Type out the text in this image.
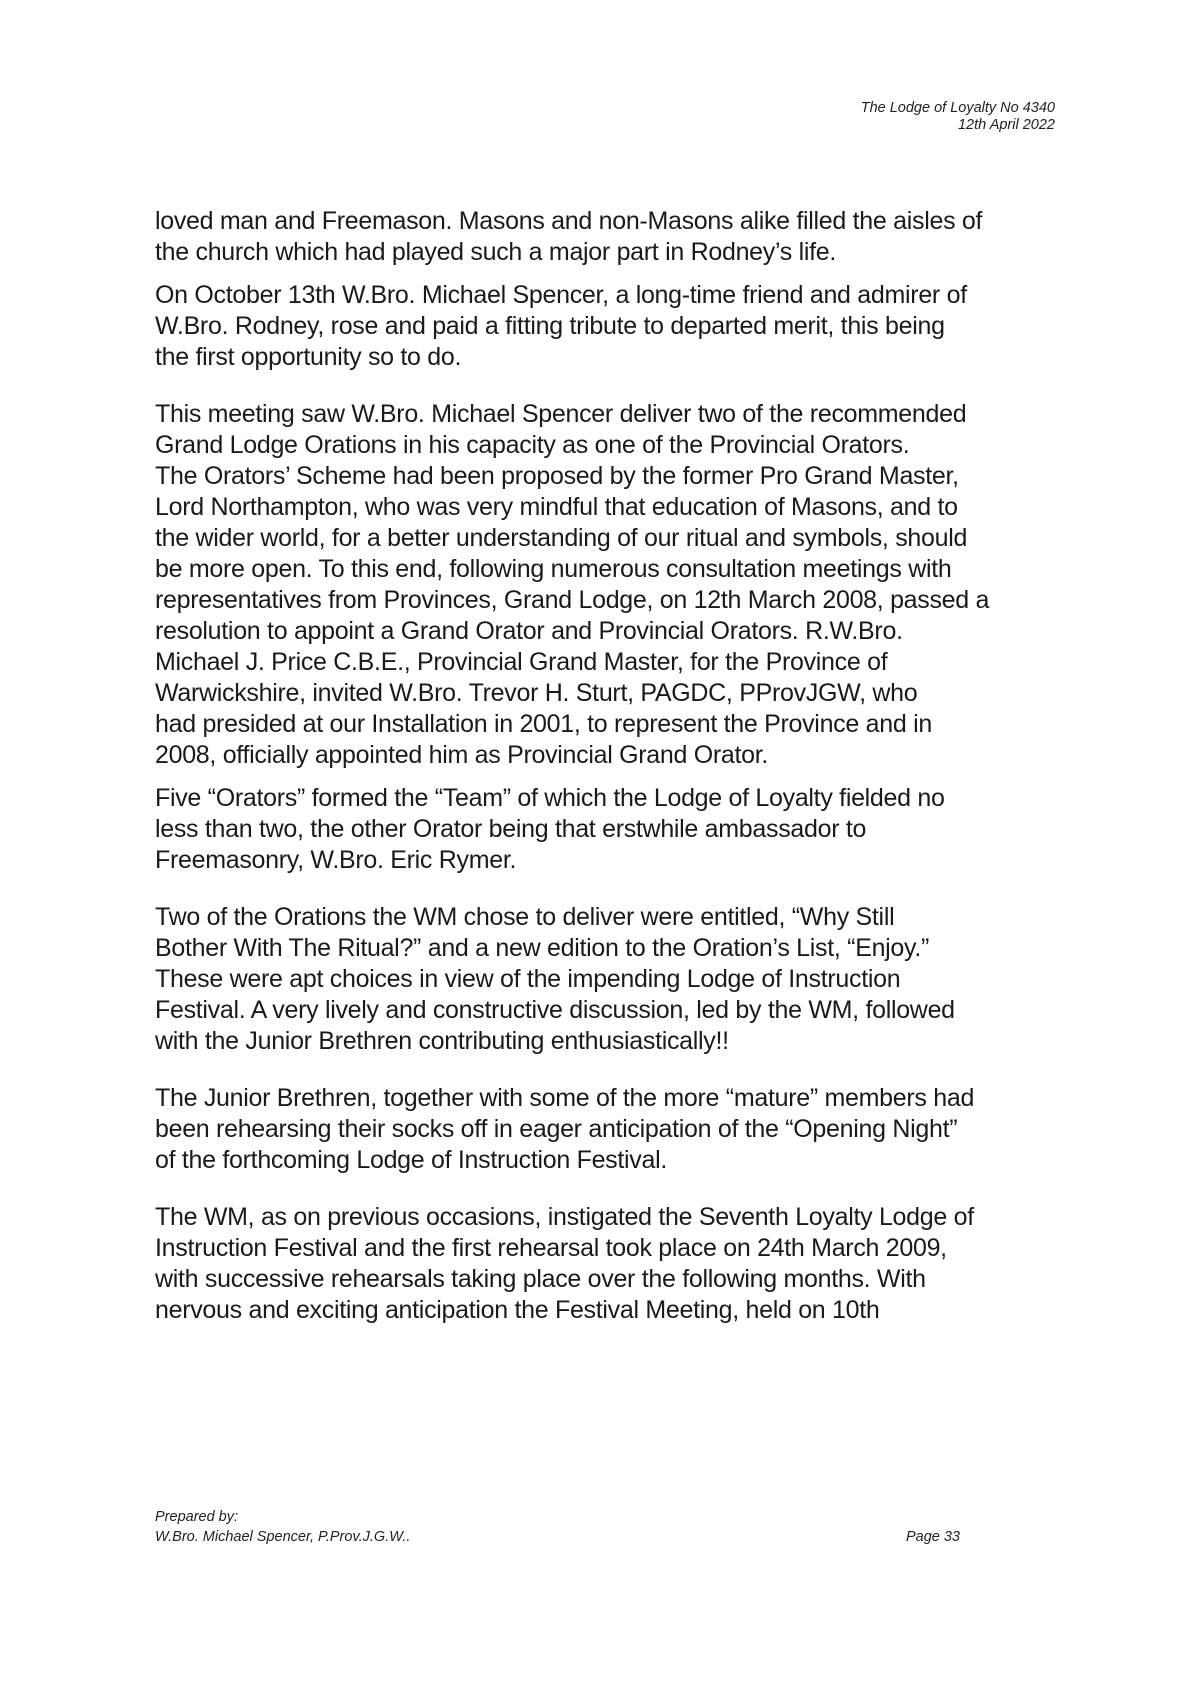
The Lodge of Loyalty No 4340
12th April 2022

loved man and Freemason. Masons and non-Masons alike filled the aisles of
the church which had played such a major part in Rodney’s life.

On October 13th W.Bro. Michael Spencer, a long-time friend and admirer of
W.Bro. Rodney, rose and paid a fitting tribute to departed merit, this being
the first opportunity so to do.

This meeting saw W.Bro. Michael Spencer deliver two of the recommended
Grand Lodge Orations in his capacity as one of the Provincial Orators.
The Orators’ Scheme had been proposed by the former Pro Grand Master,
Lord Northampton, who was very mindful that education of Masons, and to
the wider world, for a better understanding of our ritual and symbols, should
be more open. To this end, following numerous consultation meetings with
representatives from Provinces, Grand Lodge, on 12th March 2008, passed a
resolution to appoint a Grand Orator and Provincial Orators. R.W.Bro.
Michael J. Price C.B.E., Provincial Grand Master, for the Province of
Warwickshire, invited W.Bro. Trevor H. Sturt, PAGDC, PProvJGW, who
had presided at our Installation in 2001, to represent the Province and in
2008, officially appointed him as Provincial Grand Orator.

Five “Orators” formed the “Team” of which the Lodge of Loyalty fielded no
less than two, the other Orator being that erstwhile ambassador to
Freemasonry, W.Bro. Eric Rymer.

Two of the Orations the WM chose to deliver were entitled, “Why Still
Bother With The Ritual?” and a new edition to the Oration’s List, “Enjoy.”
These were apt choices in view of the impending Lodge of Instruction
Festival. A very lively and constructive discussion, led by the WM, followed
with the Junior Brethren contributing enthusiastically!!

The Junior Brethren, together with some of the more “mature” members had
been rehearsing their socks off in eager anticipation of the “Opening Night”
of the forthcoming Lodge of Instruction Festival.

The WM, as on previous occasions, instigated the Seventh Loyalty Lodge of
Instruction Festival and the first rehearsal took place on 24th March 2009,
with successive rehearsals taking place over the following months. With
nervous and exciting anticipation the Festival Meeting, held on 10th

Prepared by:
W.Bro. Michael Spencer, P.Prov.J.G.W..	Page 33
